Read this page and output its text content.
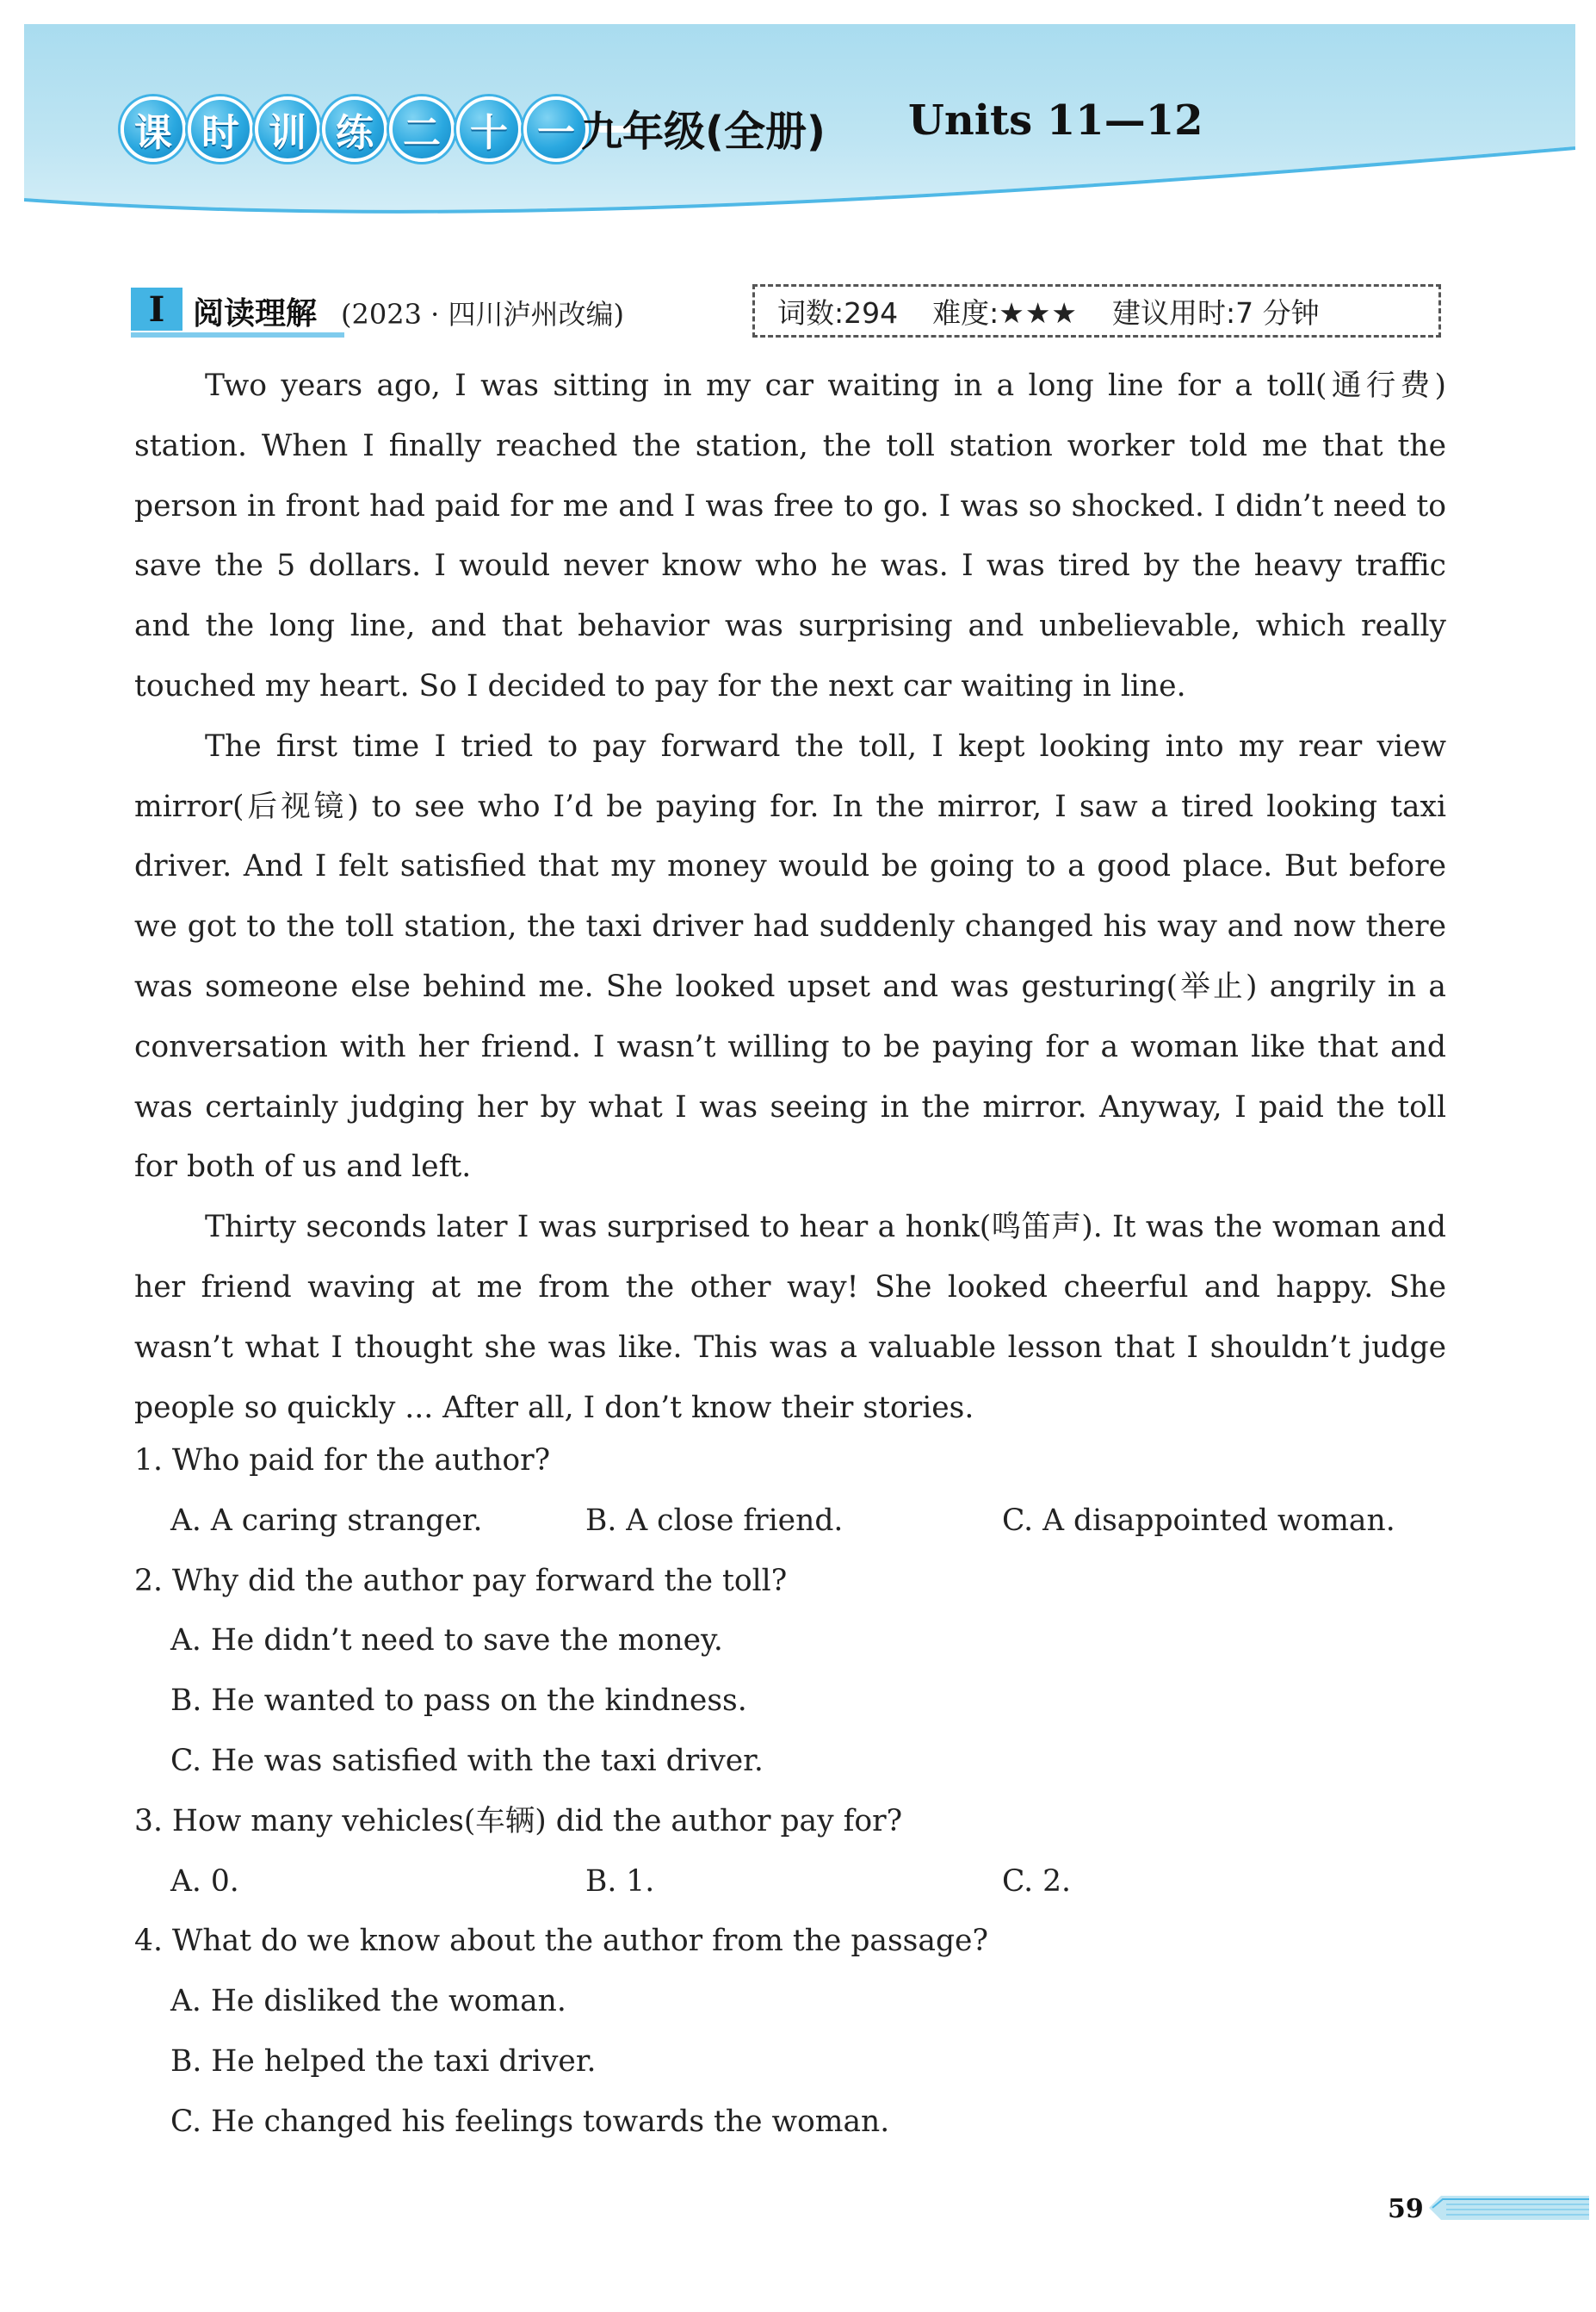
课 时 训 练 二 十 一 九年级(全册) Units 11—12
I 阅读理解 (2023 · 四川泸州改编)	词数:294 难度:★★★ 建议用时:7 分钟

Two years ago, I was sitting in my car waiting in a long line for a toll(通行费) station. When I finally reached the station, the toll station worker told me that the person in front had paid for me and I was free to go. I was so shocked. I didn’t need to save the 5 dollars. I would never know who he was. I was tired by the heavy traffic and the long line, and that behavior was surprising and unbelievable, which really touched my heart. So I decided to pay for the next car waiting in line.

The first time I tried to pay forward the toll, I kept looking into my rear view mirror(后视镜) to see who I’d be paying for. In the mirror, I saw a tired looking taxi driver. And I felt satisfied that my money would be going to a good place. But before we got to the toll station, the taxi driver had suddenly changed his way and now there was someone else behind me. She looked upset and was gesturing(举止) angrily in a conversation with her friend. I wasn’t willing to be paying for a woman like that and was certainly judging her by what I was seeing in the mirror. Anyway, I paid the toll for both of us and left.

Thirty seconds later I was surprised to hear a honk(鸣笛声). It was the woman and her friend waving at me from the other way! She looked cheerful and happy. She wasn’t what I thought she was like. This was a valuable lesson that I shouldn’t judge people so quickly ... After all, I don’t know their stories.

1. Who paid for the author?
A. A caring stranger.	B. A close friend.	C. A disappointed woman.
2. Why did the author pay forward the toll?
A. He didn’t need to save the money.
B. He wanted to pass on the kindness.
C. He was satisfied with the taxi driver.
3. How many vehicles(车辆) did the author pay for?
A. 0.	B. 1.	C. 2.
4. What do we know about the author from the passage?
A. He disliked the woman.
B. He helped the taxi driver.
C. He changed his feelings towards the woman.
59
